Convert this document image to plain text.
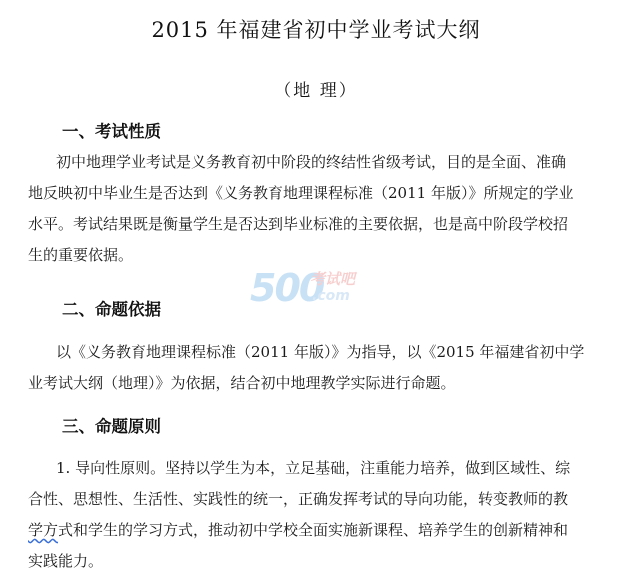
2015 年福建省初中学业考试大纲
（地 理）
一、考试性质
初中地理学业考试是义务教育初中阶段的终结性省级考试，目的是全面、准确
地反映初中毕业生是否达到《义务教育地理课程标准（2011 年版）》所规定的学业
水平。考试结果既是衡量学生是否达到毕业标准的主要依据，也是高中阶段学校招
生的重要依据。
500
考试吧
.com
二、命题依据
以《义务教育地理课程标准（2011 年版）》为指导，以《2015 年福建省初中学
业考试大纲（地理）》为依据，结合初中地理教学实际进行命题。
三、命题原则
1. 导向性原则。坚持以学生为本，立足基础，注重能力培养，做到区域性、综
合性、思想性、生活性、实践性的统一，正确发挥考试的导向功能，转变教师的教
学方式和学生的学习方式，推动初中学校全面实施新课程、培养学生的创新精神和
实践能力。
